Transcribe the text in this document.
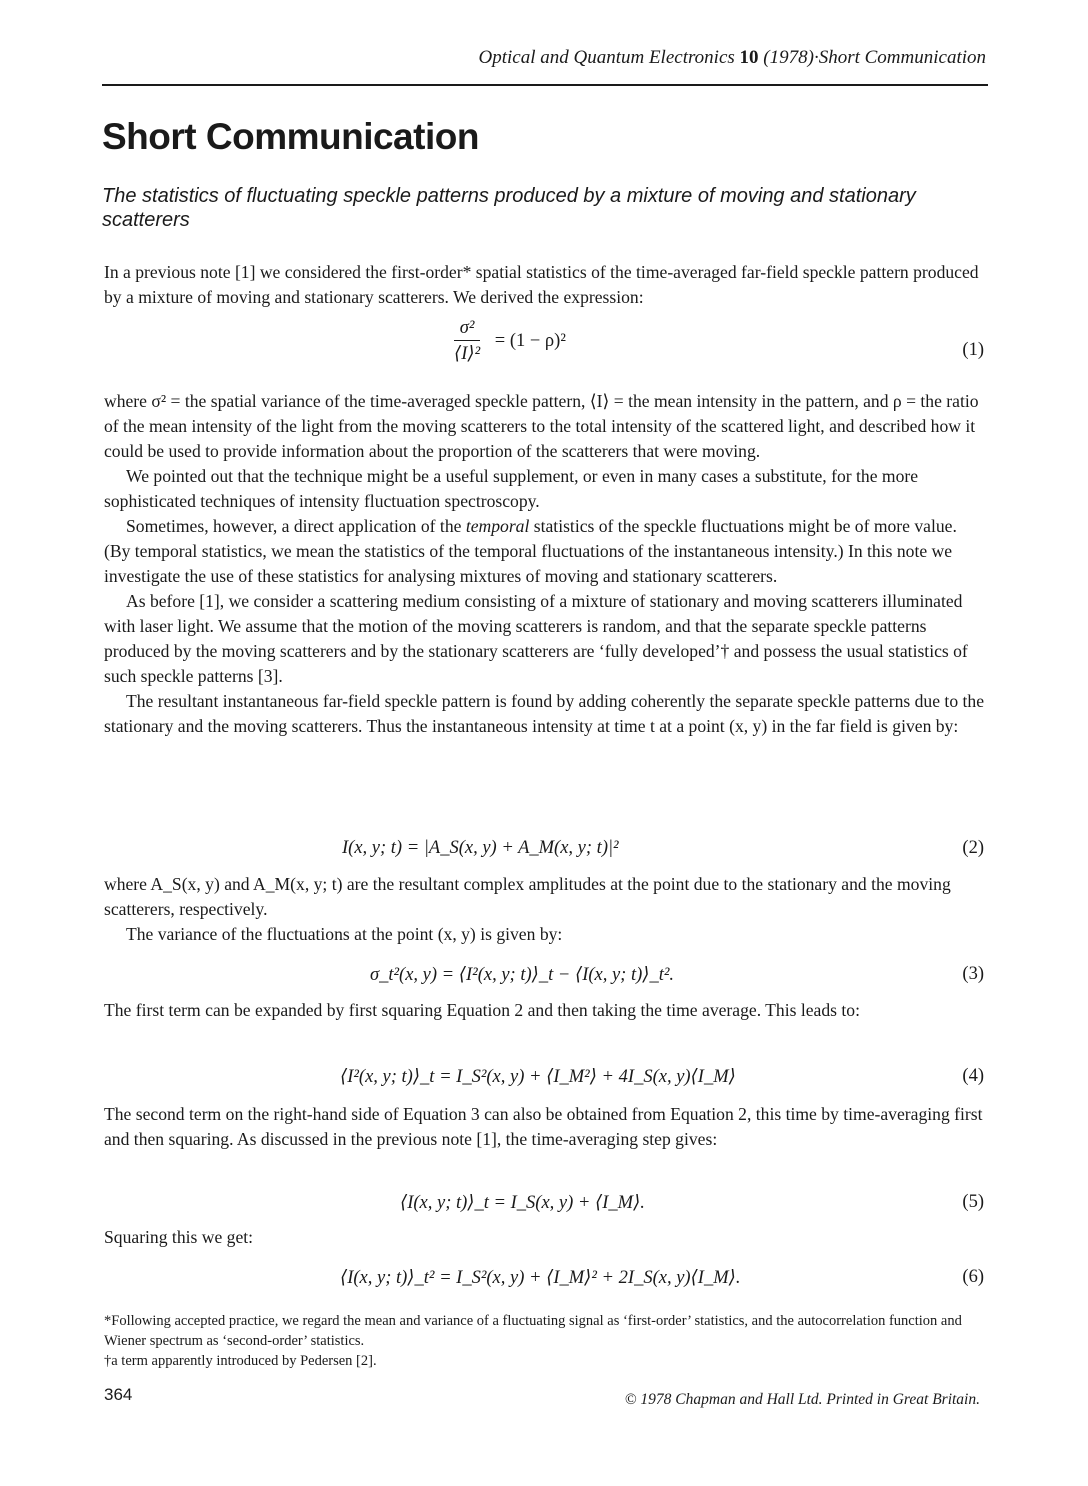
Optical and Quantum Electronics 10 (1978)·Short Communication
Short Communication
The statistics of fluctuating speckle patterns produced by a mixture of moving and stationary scatterers

In a previous note [1] we considered the first-order* spatial statistics of the time-averaged far-field speckle pattern produced by a mixture of moving and stationary scatterers. We derived the expression:

$\frac{\text{σ²}}{\text{⟨I⟩²}} = (1 - \rho)^2$	(1)

where σ² = the spatial variance of the time-averaged speckle pattern, ⟨I⟩ = the mean intensity in the pattern, and ρ = the ratio of the mean intensity of the light from the moving scatterers to the total intensity of the scattered light, and described how it could be used to provide information about the proportion of the scatterers that were moving.

We pointed out that the technique might be a useful supplement, or even in many cases a substitute, for the more sophisticated techniques of intensity fluctuation spectroscopy.

Sometimes, however, a direct application of the temporal statistics of the speckle fluctuations might be of more value. (By temporal statistics, we mean the statistics of the temporal fluctuations of the instantaneous intensity.) In this note we investigate the use of these statistics for analysing mixtures of moving and stationary scatterers.

As before [1], we consider a scattering medium consisting of a mixture of stationary and moving scatterers illuminated with laser light. We assume that the motion of the moving scatterers is random, and that the separate speckle patterns produced by the moving scatterers and by the stationary scatterers are ‘fully developed’† and possess the usual statistics of such speckle patterns [3].

The resultant instantaneous far-field speckle pattern is found by adding coherently the separate speckle patterns due to the stationary and the moving scatterers. Thus the instantaneous intensity at time t at a point (x, y) in the far field is given by:

I(x, y; t) = |A_S(x, y) + A_M(x, y; t)|²	(2)

where A_S(x, y) and A_M(x, y; t) are the resultant complex amplitudes at the point due to the stationary and the moving scatterers, respectively.

The variance of the fluctuations at the point (x, y) is given by:

σ_t²(x, y) = ⟨I²(x, y; t)⟩_t − ⟨I(x, y; t)⟩_t².	(3)

The first term can be expanded by first squaring Equation 2 and then taking the time average. This leads to:

⟨I²(x, y; t)⟩_t = I_S²(x, y) + ⟨I_M²⟩ + 4I_S(x, y)⟨I_M⟩	(4)

The second term on the right-hand side of Equation 3 can also be obtained from Equation 2, this time by time-averaging first and then squaring. As discussed in the previous note [1], the time-averaging step gives:

⟨I(x, y; t)⟩_t = I_S(x, y) + ⟨I_M⟩.	(5)

Squaring this we get:

⟨I(x, y; t)⟩_t² = I_S²(x, y) + ⟨I_M⟩² + 2I_S(x, y)⟨I_M⟩.	(6)

*Following accepted practice, we regard the mean and variance of a fluctuating signal as ‘first-order’ statistics, and the autocorrelation function and Wiener spectrum as ‘second-order’ statistics.

†a term apparently introduced by Pedersen [2].

364	© 1978 Chapman and Hall Ltd. Printed in Great Britain.
